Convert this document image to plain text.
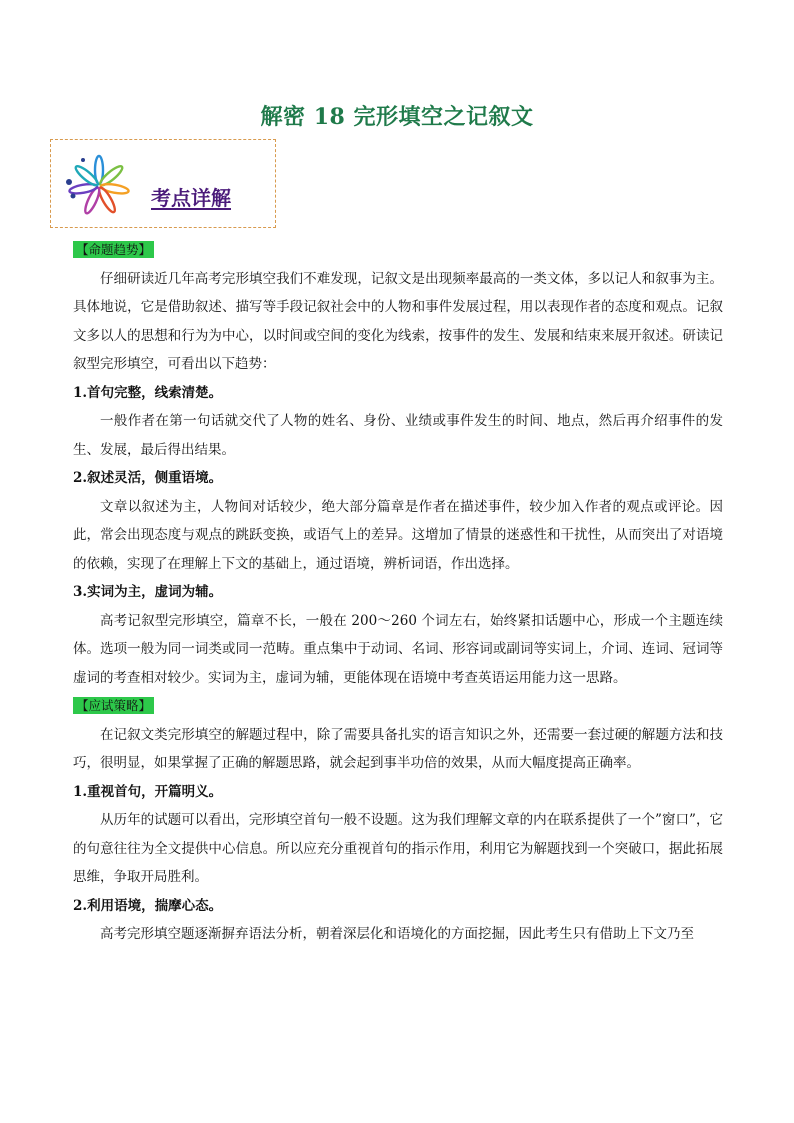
解密 18 完形填空之记叙文
考点详解
【命题趋势】

仔细研读近几年高考完形填空我们不难发现，记叙文是出现频率最高的一类文体，多以记人和叙事为主。具体地说，它是借助叙述、描写等手段记叙社会中的人物和事件发展过程，用以表现作者的态度和观点。记叙文多以人的思想和行为为中心，以时间或空间的变化为线索，按事件的发生、发展和结束来展开叙述。研读记叙型完形填空，可看出以下趋势：

1.首句完整，线索清楚。

一般作者在第一句话就交代了人物的姓名、身份、业绩或事件发生的时间、地点，然后再介绍事件的发生、发展，最后得出结果。

2.叙述灵活，侧重语境。

文章以叙述为主，人物间对话较少，绝大部分篇章是作者在描述事件，较少加入作者的观点或评论。因此，常会出现态度与观点的跳跃变换，或语气上的差异。这增加了情景的迷惑性和干扰性，从而突出了对语境的依赖，实现了在理解上下文的基础上，通过语境，辨析词语，作出选择。

3.实词为主，虚词为辅。

高考记叙型完形填空，篇章不长，一般在 200～260 个词左右，始终紧扣话题中心，形成一个主题连续体。选项一般为同一词类或同一范畴。重点集中于动词、名词、形容词或副词等实词上，介词、连词、冠词等虚词的考查相对较少。实词为主，虚词为辅，更能体现在语境中考查英语运用能力这一思路。

【应试策略】

在记叙文类完形填空的解题过程中，除了需要具备扎实的语言知识之外，还需要一套过硬的解题方法和技巧，很明显，如果掌握了正确的解题思路，就会起到事半功倍的效果，从而大幅度提高正确率。

1.重视首句，开篇明义。

从历年的试题可以看出，完形填空首句一般不设题。这为我们理解文章的内在联系提供了一个”窗口”，它的句意往往为全文提供中心信息。所以应充分重视首句的指示作用，利用它为解题找到一个突破口，据此拓展思维，争取开局胜利。

2.利用语境，揣摩心态。

高考完形填空题逐渐摒弃语法分析，朝着深层化和语境化的方面挖掘，因此考生只有借助上下文乃至
